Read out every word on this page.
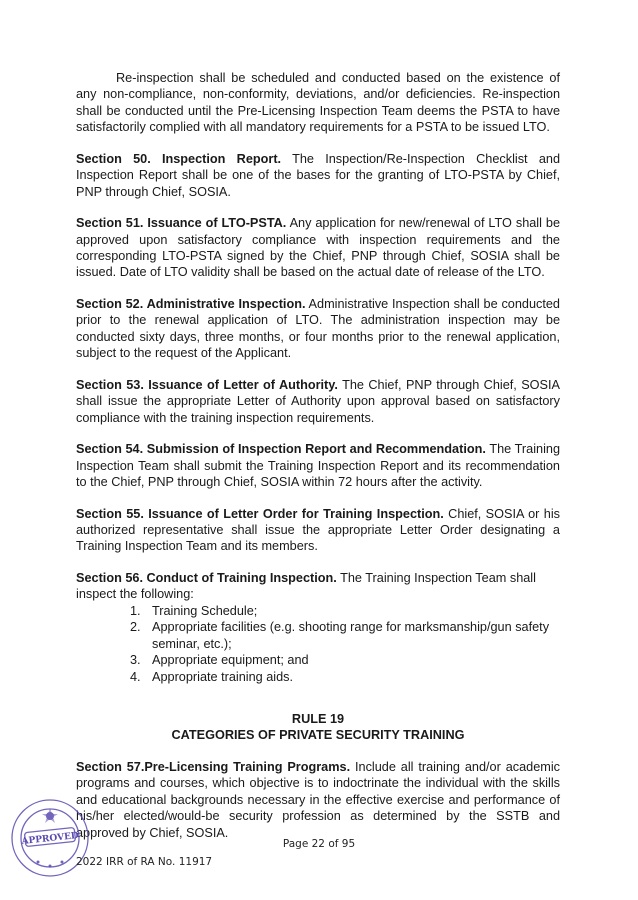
Re-inspection shall be scheduled and conducted based on the existence of any non-compliance, non-conformity, deviations, and/or deficiencies. Re-inspection shall be conducted until the Pre-Licensing Inspection Team deems the PSTA to have satisfactorily complied with all mandatory requirements for a PSTA to be issued LTO.

Section 50. Inspection Report. The Inspection/Re-Inspection Checklist and Inspection Report shall be one of the bases for the granting of LTO-PSTA by Chief, PNP through Chief, SOSIA.

Section 51. Issuance of LTO-PSTA. Any application for new/renewal of LTO shall be approved upon satisfactory compliance with inspection requirements and the corresponding LTO-PSTA signed by the Chief, PNP through Chief, SOSIA shall be issued. Date of LTO validity shall be based on the actual date of release of the LTO.

Section 52. Administrative Inspection. Administrative Inspection shall be conducted prior to the renewal application of LTO. The administration inspection may be conducted sixty days, three months, or four months prior to the renewal application, subject to the request of the Applicant.

Section 53. Issuance of Letter of Authority. The Chief, PNP through Chief, SOSIA shall issue the appropriate Letter of Authority upon approval based on satisfactory compliance with the training inspection requirements.

Section 54. Submission of Inspection Report and Recommendation. The Training Inspection Team shall submit the Training Inspection Report and its recommendation to the Chief, PNP through Chief, SOSIA within 72 hours after the activity.

Section 55. Issuance of Letter Order for Training Inspection. Chief, SOSIA or his authorized representative shall issue the appropriate Letter Order designating a Training Inspection Team and its members.

Section 56. Conduct of Training Inspection. The Training Inspection Team shall inspect the following:

1. Training Schedule;
2. Appropriate facilities (e.g. shooting range for marksmanship/gun safety seminar, etc.);
3. Appropriate equipment; and
4. Appropriate training aids.
RULE 19
CATEGORIES OF PRIVATE SECURITY TRAINING

Section 57.Pre-Licensing Training Programs. Include all training and/or academic programs and courses, which objective is to indoctrinate the individual with the skills and educational backgrounds necessary in the effective exercise and performance of his/her elected/would-be security profession as determined by the SSTB and approved by Chief, SOSIA.

APPROVED	Page 22 of 95
2022 IRR of RA No. 11917
